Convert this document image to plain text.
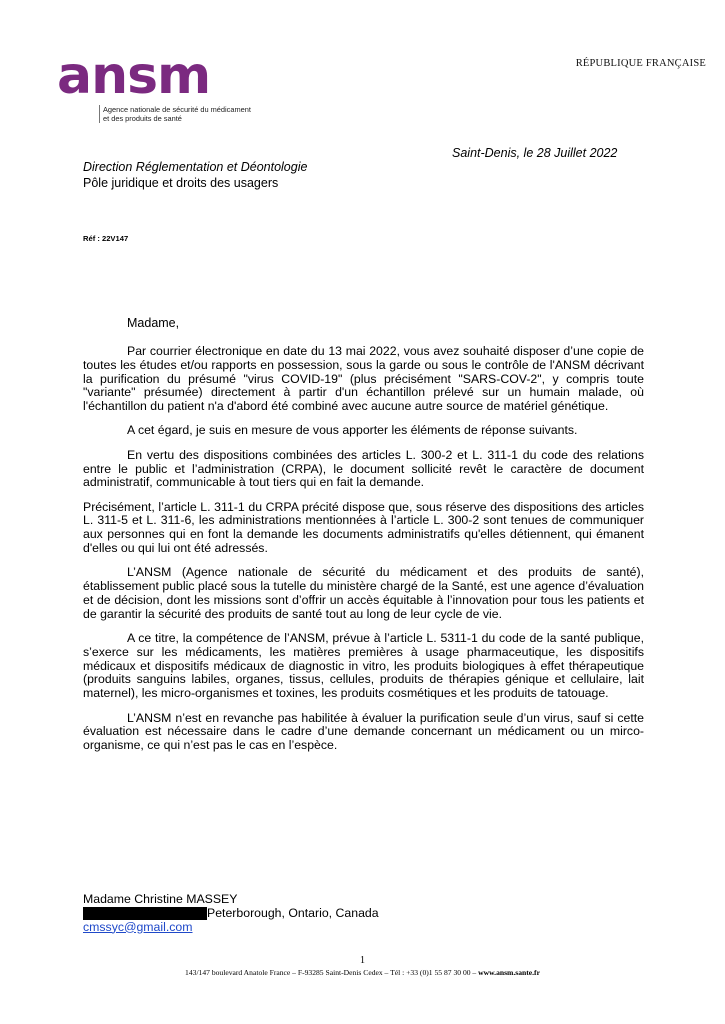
ansm
Agence nationale de sécurité du médicament
et des produits de santé
RÉPUBLIQUE FRANÇAISE
Saint-Denis, le 28 Juillet 2022
Direction Réglementation et Déontologie
Pôle juridique et droits des usagers
Réf : 22V147
Madame,

Par courrier électronique en date du 13 mai 2022, vous avez souhaité disposer d’une copie de toutes les études et/ou rapports en possession, sous la garde ou sous le contrôle de l'ANSM décrivant la purification du présumé "virus COVID-19" (plus précisément "SARS-COV-2", y compris toute "variante" présumée) directement à partir d'un échantillon prélevé sur un humain malade, où l'échantillon du patient n'a d'abord été combiné avec aucune autre source de matériel génétique.

A cet égard, je suis en mesure de vous apporter les éléments de réponse suivants.

En vertu des dispositions combinées des articles L. 300-2 et L. 311-1 du code des relations entre le public et l’administration (CRPA), le document sollicité revêt le caractère de document administratif, communicable à tout tiers qui en fait la demande.

Précisément, l’article L. 311-1 du CRPA précité dispose que, sous réserve des dispositions des articles L. 311-5 et L. 311-6, les administrations mentionnées à l’article L. 300-2 sont tenues de communiquer aux personnes qui en font la demande les documents administratifs qu'elles détiennent, qui émanent d'elles ou qui lui ont été adressés.

L’ANSM (Agence nationale de sécurité du médicament et des produits de santé), établissement public placé sous la tutelle du ministère chargé de la Santé, est une agence d’évaluation et de décision, dont les missions sont d’offrir un accès équitable à l’innovation pour tous les patients et de garantir la sécurité des produits de santé tout au long de leur cycle de vie.

A ce titre, la compétence de l’ANSM, prévue à l’article L. 5311-1 du code de la santé publique, s’exerce sur les médicaments, les matières premières à usage pharmaceutique, les dispositifs médicaux et dispositifs médicaux de diagnostic in vitro, les produits biologiques à effet thérapeutique (produits sanguins labiles, organes, tissus, cellules, produits de thérapies génique et cellulaire, lait maternel), les micro-organismes et toxines, les produits cosmétiques et les produits de tatouage.

L’ANSM n’est en revanche pas habilitée à évaluer la purification seule d’un virus, sauf si cette évaluation est nécessaire dans le cadre d’une demande concernant un médicament ou un mirco-organisme, ce qui n’est pas le cas en l’espèce.

Madame Christine MASSEY
Peterborough, Ontario, Canada
cmssyc@gmail.com
1
143/147 boulevard Anatole France – F-93285 Saint-Denis Cedex – Tél : +33 (0)1 55 87 30 00 – www.ansm.sante.fr
